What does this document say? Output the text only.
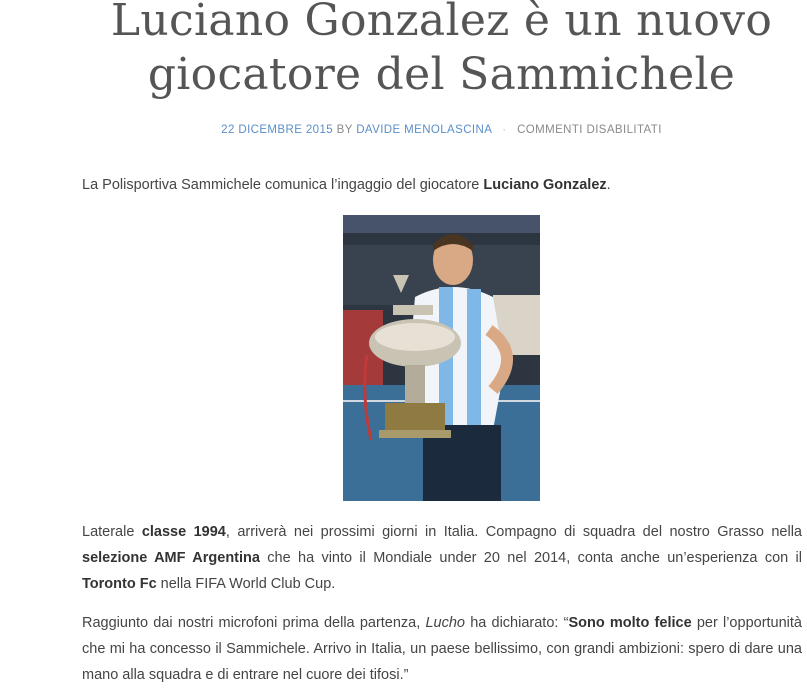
Luciano Gonzalez è un nuovo giocatore del Sammichele
22 DICEMBRE 2015 BY DAVIDE MENOLASCINA · COMMENTI DISABILITATI

La Polisportiva Sammichele comunica l’ingaggio del giocatore Luciano Gonzalez.

Laterale classe 1994, arriverà nei prossimi giorni in Italia. Compagno di squadra del nostro Grasso nella selezione AMF Argentina che ha vinto il Mondiale under 20 nel 2014, conta anche un’esperienza con il Toronto Fc nella FIFA World Club Cup.

Raggiunto dai nostri microfoni prima della partenza, Lucho ha dichiarato: “Sono molto felice per l’opportunità che mi ha concesso il Sammichele. Arrivo in Italia, un paese bellissimo, con grandi ambizioni: spero di dare una mano alla squadra e di entrare nel cuore dei tifosi.”
